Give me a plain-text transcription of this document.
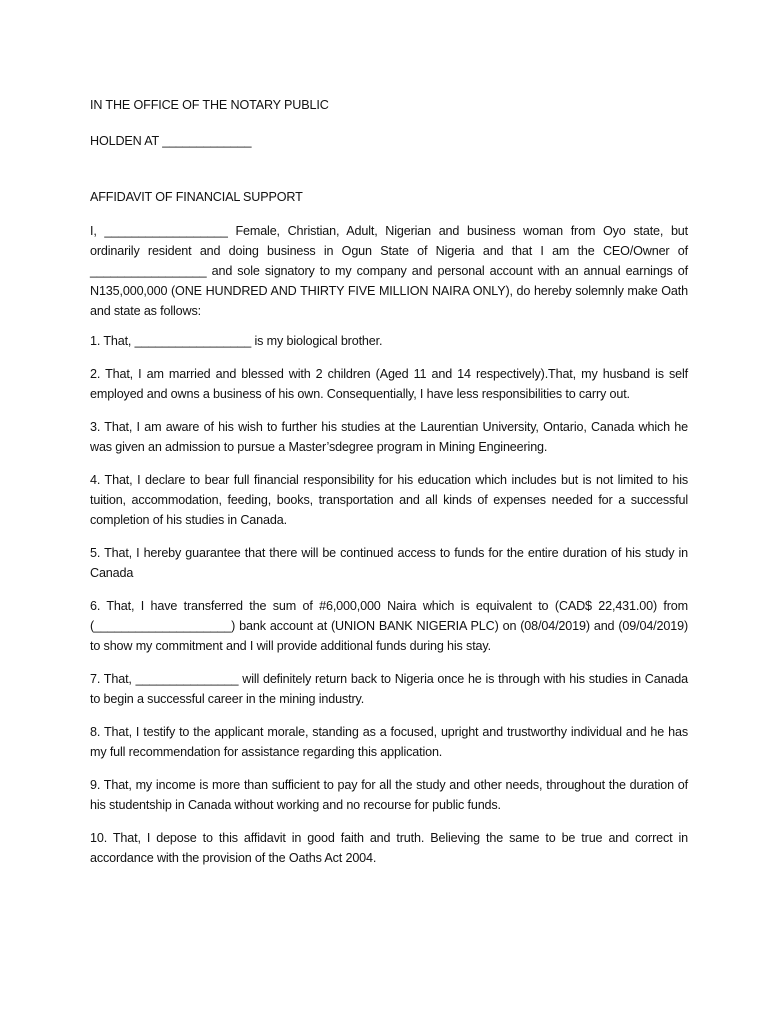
IN THE OFFICE OF THE NOTARY PUBLIC

HOLDEN AT _____________

AFFIDAVIT OF FINANCIAL SUPPORT

I, __________________ Female, Christian, Adult, Nigerian and business woman from Oyo state, but ordinarily resident and doing business in Ogun State of Nigeria and that I am the CEO/Owner of _________________ and sole signatory to my company and personal account with an annual earnings of N135,000,000 (ONE HUNDRED AND THIRTY FIVE MILLION NAIRA ONLY), do hereby solemnly make Oath and state as follows:

1. That, _________________ is my biological brother.

2. That, I am married and blessed with 2 children (Aged 11 and 14 respectively).That, my husband is self employed and owns a business of his own. Consequentially, I have less responsibilities to carry out.

3. That, I am aware of his wish to further his studies at the Laurentian University, Ontario, Canada which he was given an admission to pursue a Master’sdegree program in Mining Engineering.

4. That, I declare to bear full financial responsibility for his education which includes but is not limited to his tuition, accommodation, feeding, books, transportation and all kinds of expenses needed for a successful completion of his studies in Canada.

5. That, I hereby guarantee that there will be continued access to funds for the entire duration of his study in Canada

6. That, I have transferred the sum of #6,000,000 Naira which is equivalent to (CAD$ 22,431.00) from (____________________) bank account at (UNION BANK NIGERIA PLC) on (08/04/2019) and (09/04/2019) to show my commitment and I will provide additional funds during his stay.

7. That, _______________ will definitely return back to Nigeria once he is through with his studies in Canada to begin a successful career in the mining industry.

8. That, I testify to the applicant morale, standing as a focused, upright and trustworthy individual and he has my full recommendation for assistance regarding this application.

9. That, my income is more than sufficient to pay for all the study and other needs, throughout the duration of his studentship in Canada without working and no recourse for public funds.

10. That, I depose to this affidavit in good faith and truth. Believing the same to be true and correct in accordance with the provision of the Oaths Act 2004.
